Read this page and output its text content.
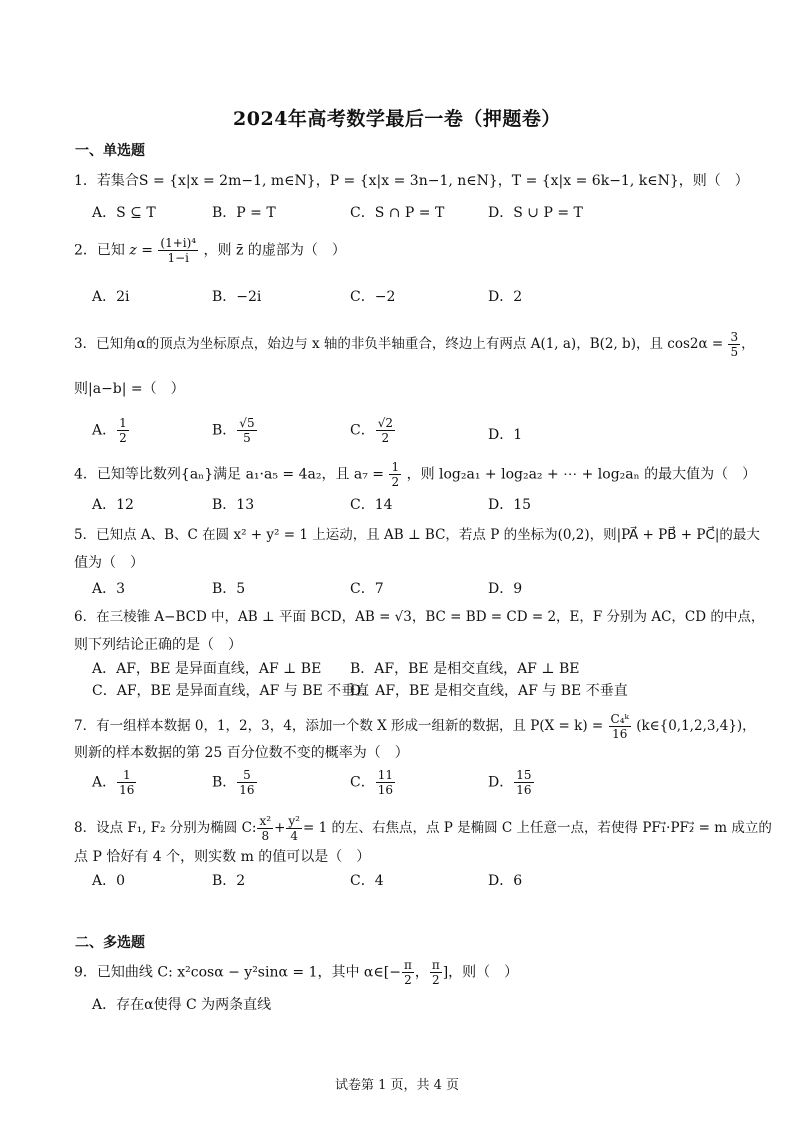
2024年高考数学最后一卷（押题卷）
一、单选题
1．若集合S = {x|x = 2m−1, m∈N}，P = {x|x = 3n−1, n∈N}，T = {x|x = 6k−1, k∈N}，则（　）
A．S ⊆ T	B．P = T	C．S ∩ P = T	D．S ∪ P = T
2．已知 $z = \frac{\text{(1+i)⁴}}{1-i}$ ，则 z̄ 的虚部为（　）
A．2i	B．−2i	C．−2	D．2
3．已知角α的顶点为坐标原点，始边与 x 轴的非负半轴重合，终边上有两点 A(1, a)，B(2, b)，且 $\cos 2\alpha = \frac{3}{5}$ ，
则|a−b| =（　）
A． $\frac{1}{2}$	B． $\frac{√5}{5}$	C． $\frac{√2}{2}$	D．1
4．已知等比数列{aₙ}满足 a₁·a₅ = 4a₂，且 $a_7 = \frac{1}{2}$ ，则 log₂a₁ + log₂a₂ + ⋯ + log₂aₙ 的最大值为（　）
A．12	B．13	C．14	D．15
5．已知点 A、B、C 在圆 x² + y² = 1 上运动，且 AB ⊥ BC，若点 P 的坐标为(0,2)，则|PA⃗ + PB⃗ + PC⃗|的最大
值为（　）
A．3	B．5	C．7	D．9
6．在三棱锥 A−BCD 中，AB ⊥ 平面 BCD，AB = √3，BC = BD = CD = 2，E，F 分别为 AC，CD 的中点，
则下列结论正确的是（　）
A．AF，BE 是异面直线，AF ⊥ BE B．AF，BE 是相交直线，AF ⊥ BE
C．AF，BE 是异面直线，AF 与 BE 不垂直
D．AF，BE 是相交直线，AF 与 BE 不垂直
7．有一组样本数据 0，1，2，3，4，添加一个数 X 形成一组新的数据，且 $P(X = k) = \frac{\text{C₄ᵏ}}{16}$ (k∈{0,1,2,3,4})，
则新的样本数据的第 25 百分位数不变的概率为（　）
A． $\frac{1}{16}$	B． $\frac{5}{16}$	C． $\frac{11}{16}$	D． $\frac{15}{16}$
8．设点 F₁, F₂ 分别为椭圆 C: $\frac{\text{x²}}{8} + \frac{\text{y²}}{4} = 1$ 的左、右焦点，点 P 是椭圆 C 上任意一点，若使得 PF₁⃗·PF₂⃗ = m 成立的
点 P 恰好有 4 个，则实数 m 的值可以是（　）
A．0	B．2	C．4	D．6
二、多选题
9．已知曲线 C: x²cosα − y²sinα = 1，其中 α∈[− $\frac{\pi}{2}$ ， $\frac{\pi}{2}$ ]，则（　）
A．存在α使得 C 为两条直线
试卷第 1 页，共 4 页
